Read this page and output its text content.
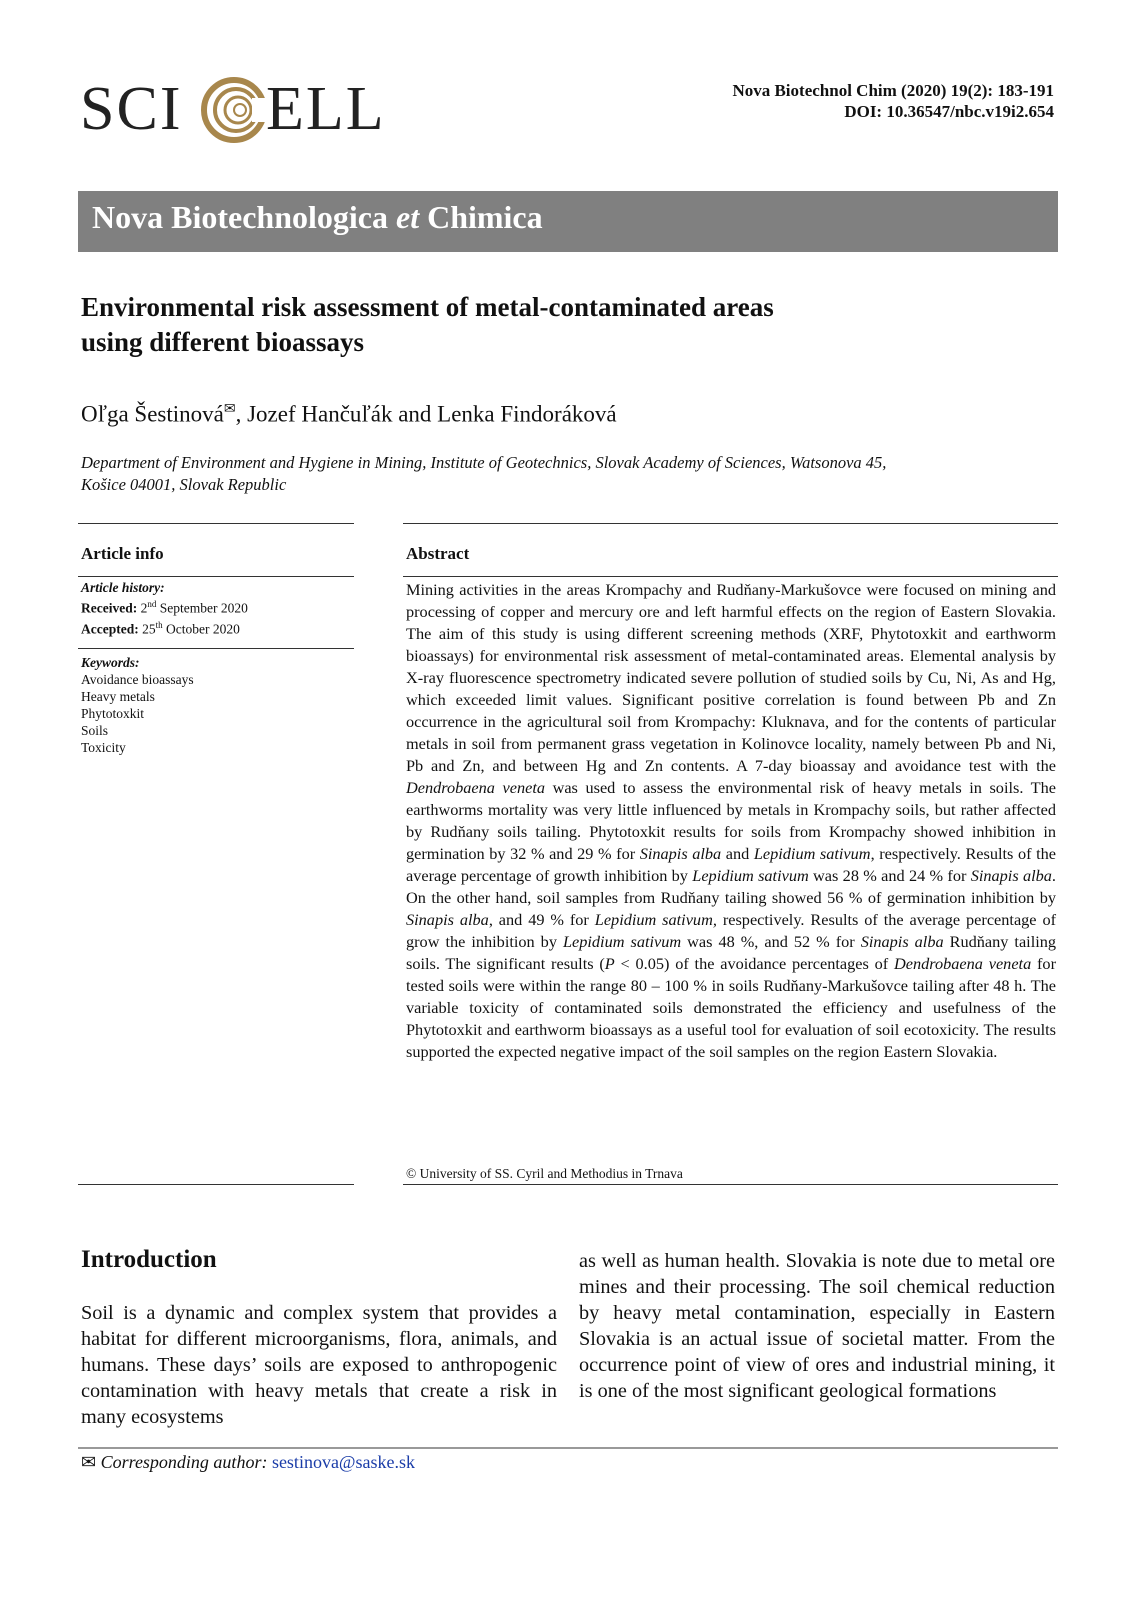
SCI ELL	Nova Biotechnol Chim (2020) 19(2): 183-191
DOI: 10.36547/nbc.v19i2.654
Nova Biotechnologica et Chimica
Environmental risk assessment of metal-contaminated areas
using different bioassays
Oľga Šestinová✉, Jozef Hančuľák and Lenka Findoráková
Department of Environment and Hygiene in Mining, Institute of Geotechnics, Slovak Academy of Sciences, Watsonova 45,
Košice 04001, Slovak Republic
Article info	Abstract
Article history:
Received: 2nd September 2020
Accepted: 25th October 2020
Keywords:
Avoidance bioassays
Heavy metals
Phytotoxkit
Soils
Toxicity
Mining activities in the areas Krompachy and Rudňany-Markušovce were focused on mining and processing of copper and mercury ore and left harmful effects on the region of Eastern Slovakia. The aim of this study is using different screening methods (XRF, Phytotoxkit and earthworm bioassays) for environmental risk assessment of metal-contaminated areas. Elemental analysis by X-ray fluorescence spectrometry indicated severe pollution of studied soils by Cu, Ni, As and Hg, which exceeded limit values. Significant positive correlation is found between Pb and Zn occurrence in the agricultural soil from Krompachy: Kluknava, and for the contents of particular metals in soil from permanent grass vegetation in Kolinovce locality, namely between Pb and Ni, Pb and Zn, and between Hg and Zn contents. A 7-day bioassay and avoidance test with the Dendrobaena veneta was used to assess the environmental risk of heavy metals in soils. The earthworms mortality was very little influenced by metals in Krompachy soils, but rather affected by Rudňany soils tailing. Phytotoxkit results for soils from Krompachy showed inhibition in germination by 32 % and 29 % for Sinapis alba and Lepidium sativum, respectively. Results of the average percentage of growth inhibition by Lepidium sativum was 28 % and 24 % for Sinapis alba. On the other hand, soil samples from Rudňany tailing showed 56 % of germination inhibition by Sinapis alba, and 49 % for Lepidium sativum, respectively. Results of the average percentage of grow the inhibition by Lepidium sativum was 48 %, and 52 % for Sinapis alba Rudňany tailing soils. The significant results (P < 0.05) of the avoidance percentages of Dendrobaena veneta for tested soils were within the range 80 – 100 % in soils Rudňany-Markušovce tailing after 48 h. The variable toxicity of contaminated soils demonstrated the efficiency and usefulness of the Phytotoxkit and earthworm bioassays as a useful tool for evaluation of soil ecotoxicity. The results supported the expected negative impact of the soil samples on the region Eastern Slovakia.
© University of SS. Cyril and Methodius in Trnava
Introduction
Soil is a dynamic and complex system that provides a habitat for different microorganisms, flora, animals, and humans. These days’ soils are exposed to anthropogenic contamination with heavy metals that create a risk in many ecosystems
as well as human health. Slovakia is note due to metal ore mines and their processing. The soil chemical reduction by heavy metal contamination, especially in Eastern Slovakia is an actual issue of societal matter. From the occurrence point of view of ores and industrial mining, it is one of the most significant geological formations
✉ Corresponding author: sestinova@saske.sk
